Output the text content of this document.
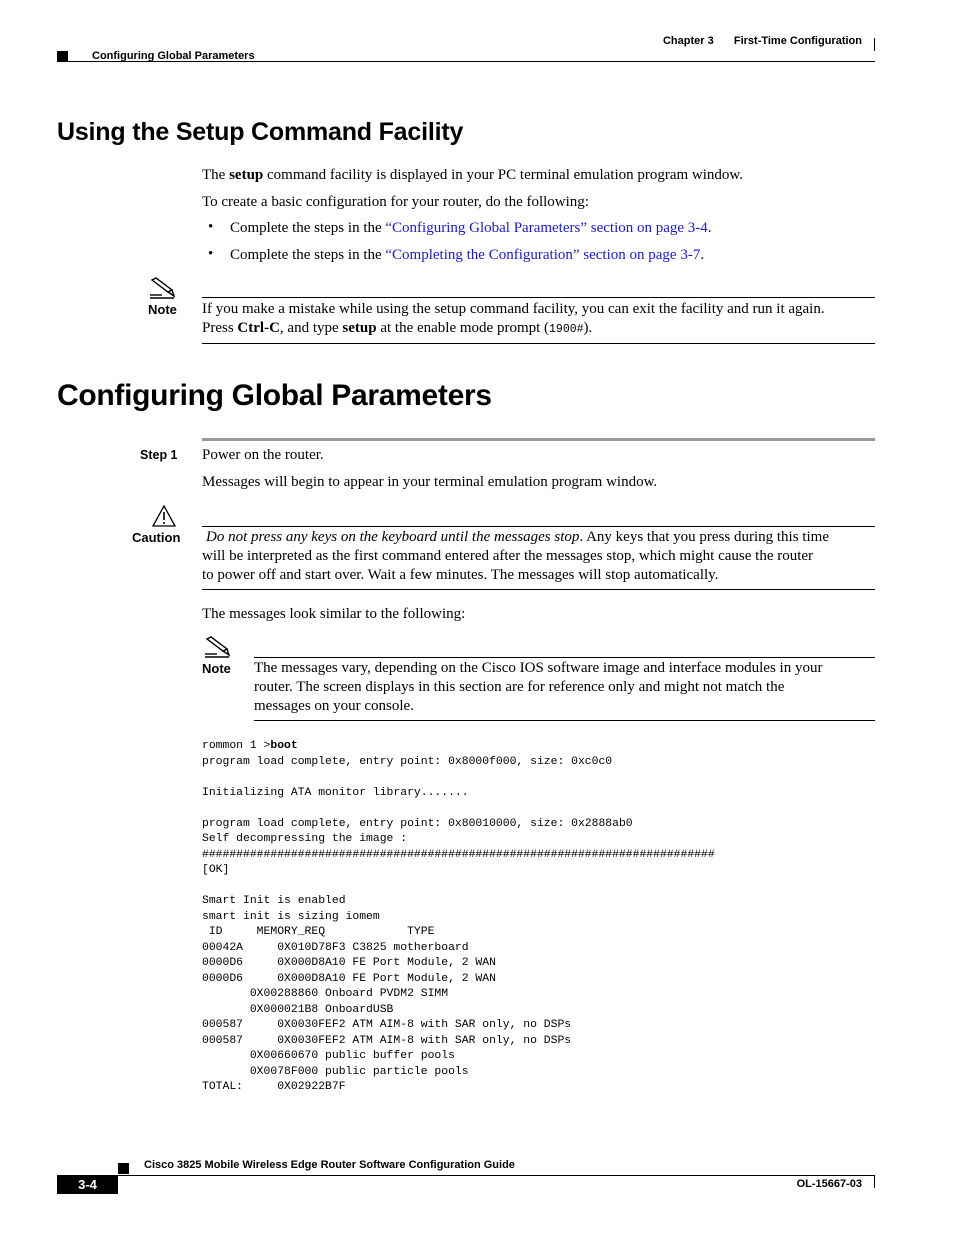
Configuring Global Parameters
Chapter 3 First-Time Configuration
Using the Setup Command Facility
The setup command facility is displayed in your PC terminal emulation program window.
To create a basic configuration for your router, do the following:
• Complete the steps in the “Configuring Global Parameters” section on page 3-4.
• Complete the steps in the “Completing the Configuration” section on page 3-7.
Note If you make a mistake while using the setup command facility, you can exit the facility and run it again.
Press Ctrl-C, and type setup at the enable mode prompt (1900#).
Configuring Global Parameters
Step 1 Power on the router.
Messages will begin to appear in your terminal emulation program window.
Caution Do not press any keys on the keyboard until the messages stop. Any keys that you press during this time
will be interpreted as the first command entered after the messages stop, which might cause the router
to power off and start over. Wait a few minutes. The messages will stop automatically.
The messages look similar to the following:
Note The messages vary, depending on the Cisco IOS software image and interface modules in your
router. The screen displays in this section are for reference only and might not match the
messages on your console.
rommon 1 >boot
program load complete, entry point: 0x8000f000, size: 0xc0c0

Initializing ATA monitor library.......

program load complete, entry point: 0x80010000, size: 0x2888ab0
Self decompressing the image :
###########################################################################
[OK]

Smart Init is enabled
smart init is sizing iomem
ID     MEMORY_REQ            TYPE
00042A     0X010D78F3 C3825 motherboard
0000D6     0X000D8A10 FE Port Module, 2 WAN
0000D6     0X000D8A10 FE Port Module, 2 WAN
0X00288860 Onboard PVDM2 SIMM
0X000021B8 OnboardUSB
000587     0X0030FEF2 ATM AIM-8 with SAR only, no DSPs
000587     0X0030FEF2 ATM AIM-8 with SAR only, no DSPs
0X00660670 public buffer pools
0X0078F000 public particle pools
TOTAL:     0X02922B7F
Cisco 3825 Mobile Wireless Edge Router Software Configuration Guide
3-4	OL-15667-03
